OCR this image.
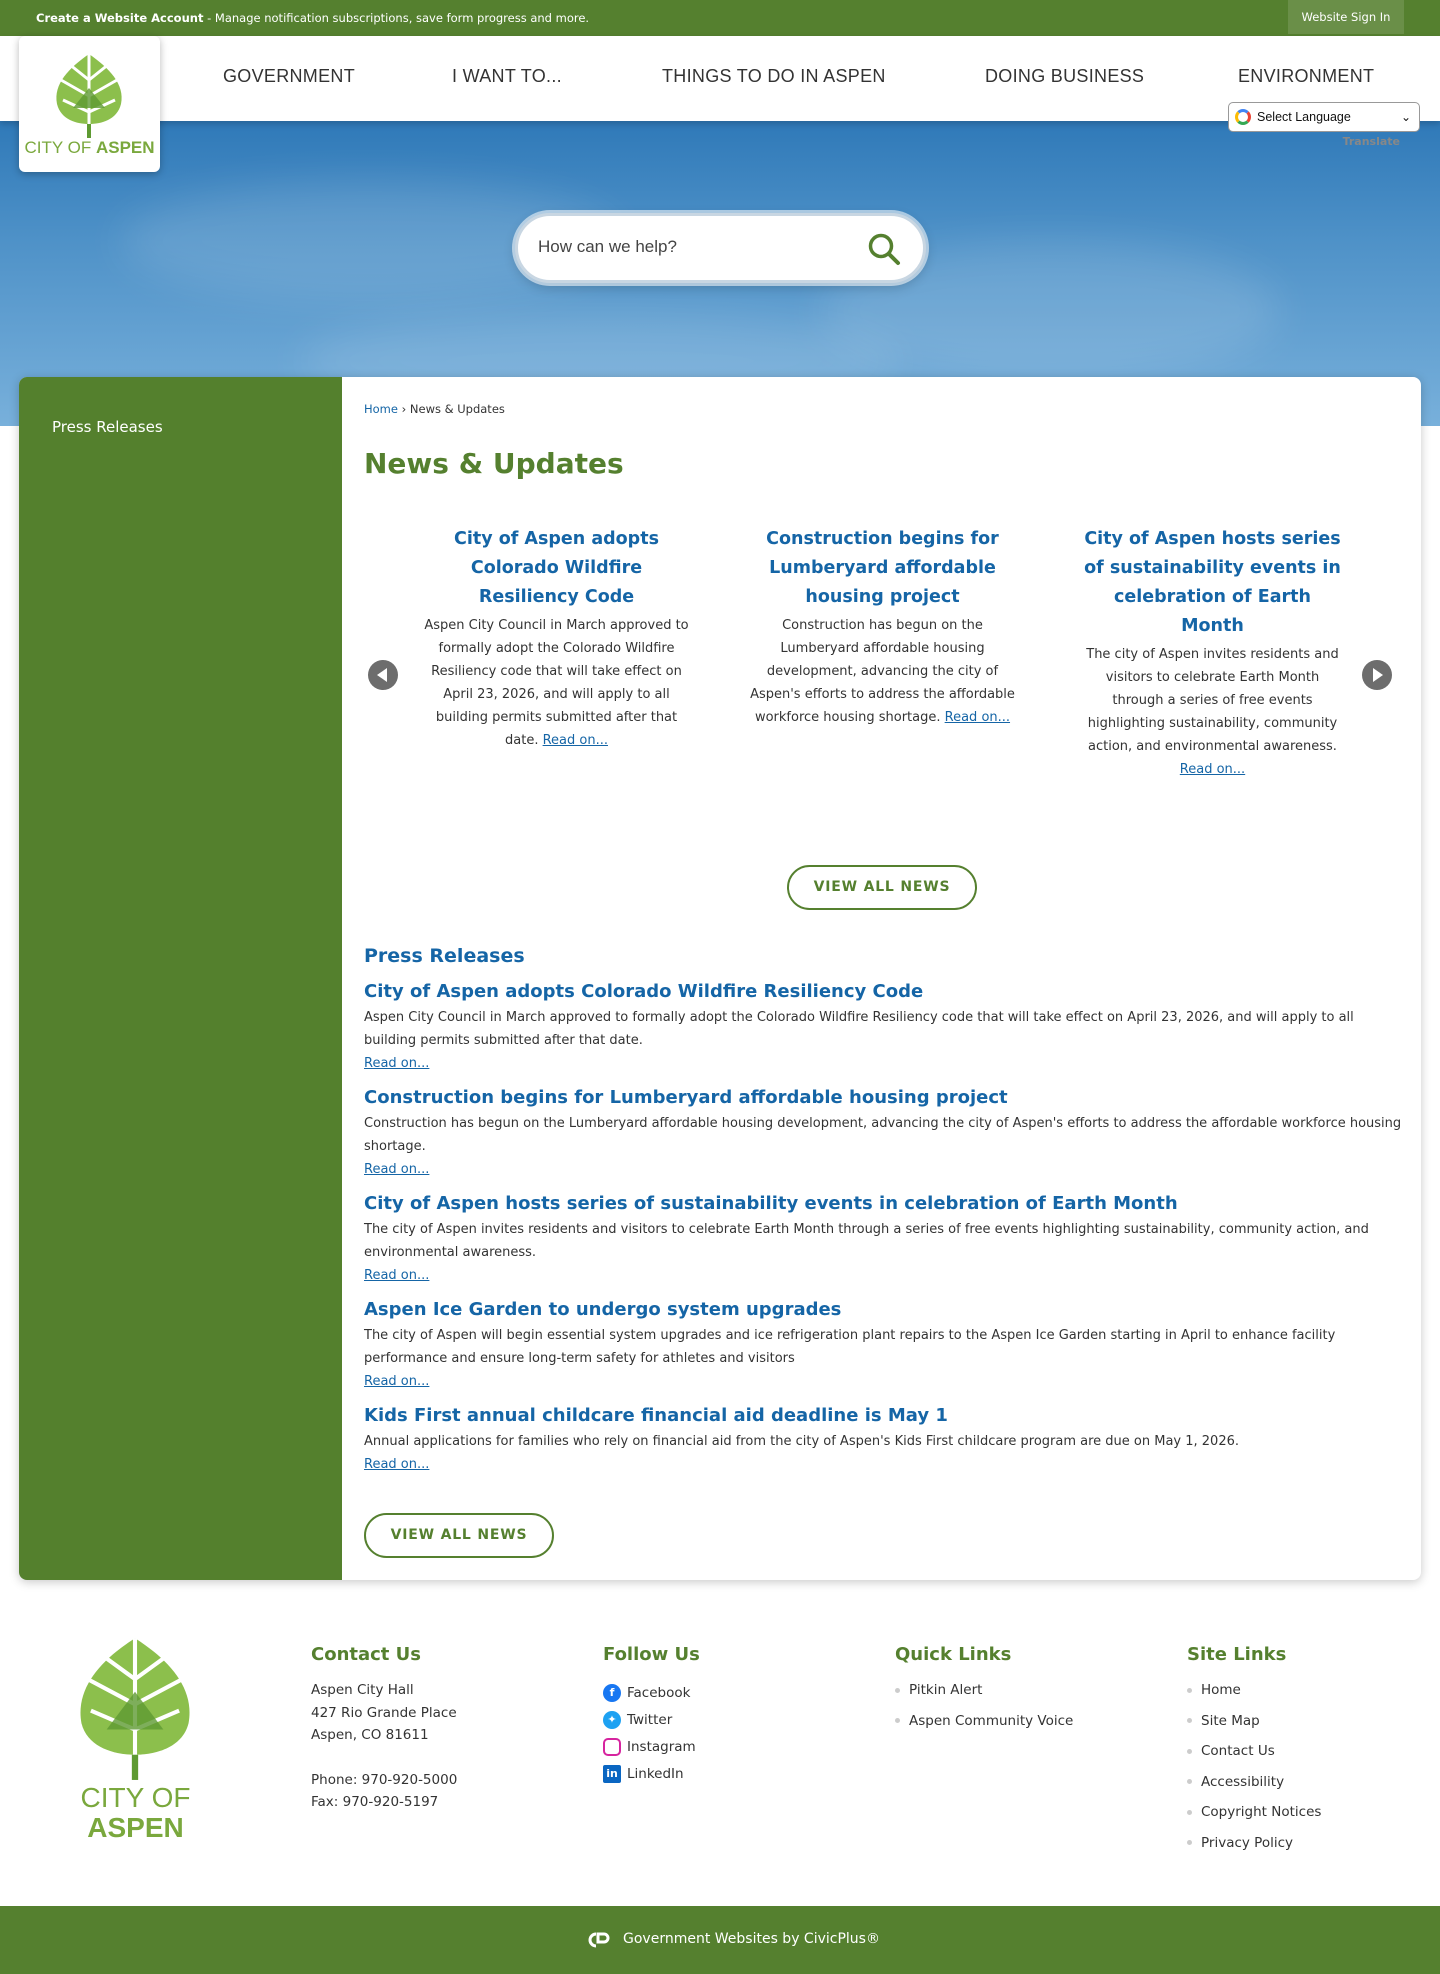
Create a Website Account - Manage notification subscriptions, save form progress and more.	Website Sign In
GOVERNMENT	I WANT TO...	THINGS TO DO IN ASPEN	DOING BUSINESS	ENVIRONMENT
CITY OF ASPEN
Select Language	⌄
Translate
How can we help?
Press Releases
Home › News & Updates
News & Updates
City of Aspen adopts Colorado Wildfire Resiliency Code

Aspen City Council in March approved to formally adopt the Colorado Wildfire Resiliency code that will take effect on April 23, 2026, and will apply to all building permits submitted after that date. Read on...

Construction begins for Lumberyard affordable housing project

Construction has begun on the Lumberyard affordable housing development, advancing the city of Aspen's efforts to address the affordable workforce housing shortage. Read on...

City of Aspen hosts series of sustainability events in celebration of Earth Month

The city of Aspen invites residents and visitors to celebrate Earth Month through a series of free events highlighting sustainability, community action, and environmental awareness. Read on...

VIEW ALL NEWS
Press Releases
City of Aspen adopts Colorado Wildfire Resiliency Code

Aspen City Council in March approved to formally adopt the Colorado Wildfire Resiliency code that will take effect on April 23, 2026, and will apply to all building permits submitted after that date.

Read on...
Construction begins for Lumberyard affordable housing project

Construction has begun on the Lumberyard affordable housing development, advancing the city of Aspen's efforts to address the affordable workforce housing shortage.

Read on...
City of Aspen hosts series of sustainability events in celebration of Earth Month

The city of Aspen invites residents and visitors to celebrate Earth Month through a series of free events highlighting sustainability, community action, and environmental awareness.

Read on...
Aspen Ice Garden to undergo system upgrades

The city of Aspen will begin essential system upgrades and ice refrigeration plant repairs to the Aspen Ice Garden starting in April to enhance facility performance and ensure long-term safety for athletes and visitors

Read on...
Kids First annual childcare financial aid deadline is May 1

Annual applications for families who rely on financial aid from the city of Aspen's Kids First childcare program are due on May 1, 2026.

Read on...
VIEW ALL NEWS
CITY OF
ASPEN
Contact Us
Aspen City Hall
427 Rio Grande Place
Aspen, CO 81611
Phone: 970-920-5000
Fax: 970-920-5197
Follow Us
f Facebook
✦ Twitter
Instagram
in LinkedIn
Quick Links
Pitkin Alert
Aspen Community Voice
Site Links
Home
Site Map
Contact Us
Accessibility
Copyright Notices
Privacy Policy
Government Websites by CivicPlus®
